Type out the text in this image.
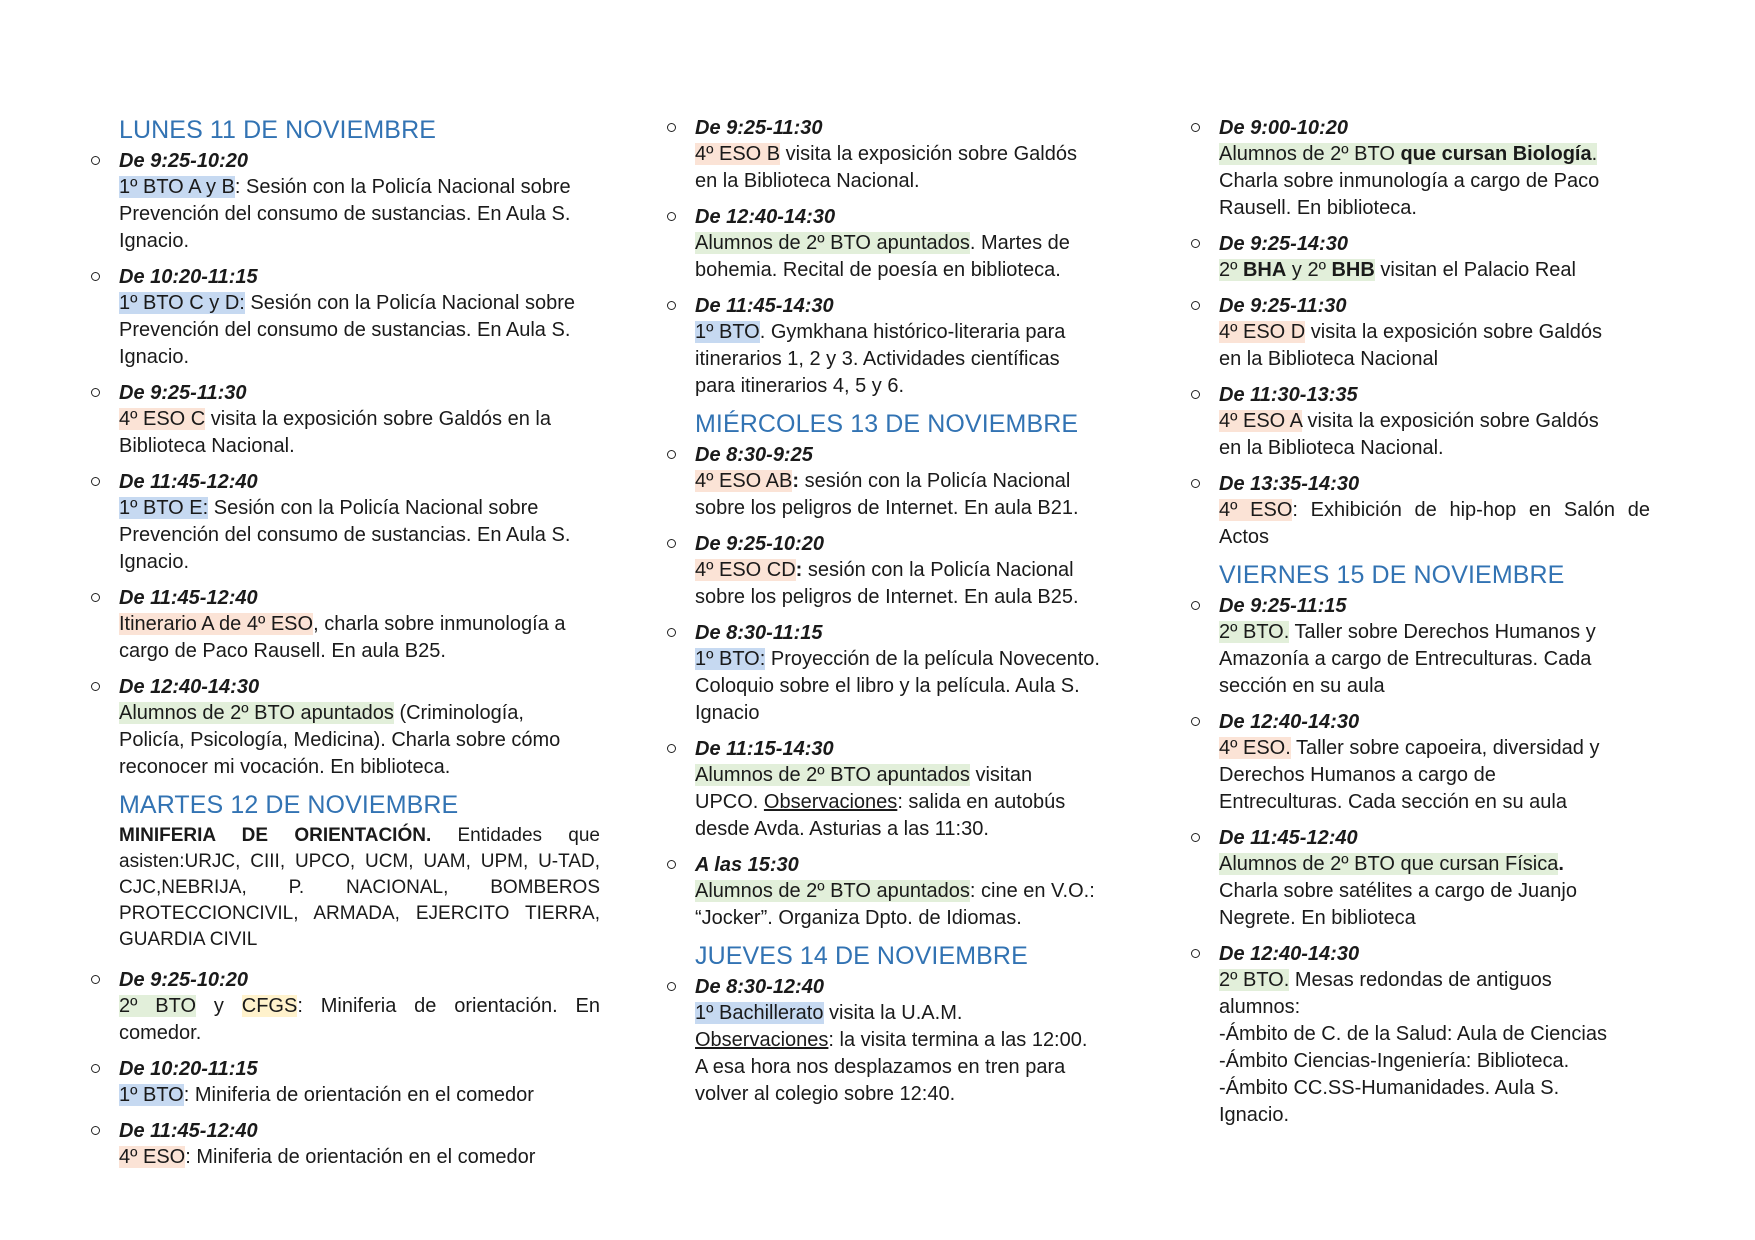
LUNES 11 DE NOVIEMBRE
De 9:25-10:20
1º BTO A y B: Sesión con la Policía Nacional sobre
Prevención del consumo de sustancias. En Aula S.
Ignacio.
De 10:20-11:15
1º BTO C y D: Sesión con la Policía Nacional sobre
Prevención del consumo de sustancias. En Aula S.
Ignacio.
De 9:25-11:30
4º ESO C visita la exposición sobre Galdós en la
Biblioteca Nacional.
De 11:45-12:40
1º BTO E: Sesión con la Policía Nacional sobre
Prevención del consumo de sustancias. En Aula S.
Ignacio.
De 11:45-12:40
Itinerario A de 4º ESO, charla sobre inmunología a
cargo de Paco Rausell. En aula B25.
De 12:40-14:30
Alumnos de 2º BTO apuntados (Criminología,
Policía, Psicología, Medicina). Charla sobre cómo
reconocer mi vocación. En biblioteca.
MARTES 12 DE NOVIEMBRE
MINIFERIA DE ORIENTACIÓN. Entidades que asisten:URJC, CIII, UPCO, UCM, UAM, UPM, U-TAD, CJC,NEBRIJA, P. NACIONAL, BOMBEROS PROTECCIONCIVIL, ARMADA, EJERCITO TIERRA, GUARDIA CIVIL
De 9:25-10:20
2º BTO y CFGS: Miniferia de orientación. En comedor.
De 10:20-11:15
1º BTO: Miniferia de orientación en el comedor
De 11:45-12:40
4º ESO: Miniferia de orientación en el comedor
De 9:25-11:30
4º ESO B visita la exposición sobre Galdós
en la Biblioteca Nacional.
De 12:40-14:30
Alumnos de 2º BTO apuntados. Martes de
bohemia. Recital de poesía en biblioteca.
De 11:45-14:30
1º BTO. Gymkhana histórico-literaria para
itinerarios 1, 2 y 3. Actividades científicas
para itinerarios 4, 5 y 6.
MIÉRCOLES 13 DE NOVIEMBRE
De 8:30-9:25
4º ESO AB: sesión con la Policía Nacional
sobre los peligros de Internet. En aula B21.
De 9:25-10:20
4º ESO CD: sesión con la Policía Nacional
sobre los peligros de Internet. En aula B25.
De 8:30-11:15
1º BTO: Proyección de la película Novecento.
Coloquio sobre el libro y la película. Aula S.
Ignacio
De 11:15-14:30
Alumnos de 2º BTO apuntados visitan
UPCO. Observaciones: salida en autobús
desde Avda. Asturias a las 11:30.
A las 15:30
Alumnos de 2º BTO apuntados: cine en V.O.:
“Jocker”. Organiza Dpto. de Idiomas.
JUEVES 14 DE NOVIEMBRE
De 8:30-12:40
1º Bachillerato visita la U.A.M.
Observaciones: la visita termina a las 12:00.
A esa hora nos desplazamos en tren para
volver al colegio sobre 12:40.
De 9:00-10:20
Alumnos de 2º BTO que cursan Biología.
Charla sobre inmunología a cargo de Paco
Rausell. En biblioteca.
De 9:25-14:30
2º BHA y 2º BHB visitan el Palacio Real
De 9:25-11:30
4º ESO D visita la exposición sobre Galdós
en la Biblioteca Nacional
De 11:30-13:35
4º ESO A visita la exposición sobre Galdós
en la Biblioteca Nacional.
De 13:35-14:30
4º ESO: Exhibición de hip-hop en Salón de Actos
VIERNES 15 DE NOVIEMBRE
De 9:25-11:15
2º BTO. Taller sobre Derechos Humanos y
Amazonía a cargo de Entreculturas. Cada
sección en su aula
De 12:40-14:30
4º ESO. Taller sobre capoeira, diversidad y
Derechos Humanos a cargo de
Entreculturas. Cada sección en su aula
De 11:45-12:40
Alumnos de 2º BTO que cursan Física.
Charla sobre satélites a cargo de Juanjo
Negrete. En biblioteca
De 12:40-14:30
2º BTO. Mesas redondas de antiguos
alumnos:
-Ámbito de C. de la Salud: Aula de Ciencias
-Ámbito Ciencias-Ingeniería: Biblioteca.
-Ámbito CC.SS-Humanidades. Aula S.
Ignacio.
